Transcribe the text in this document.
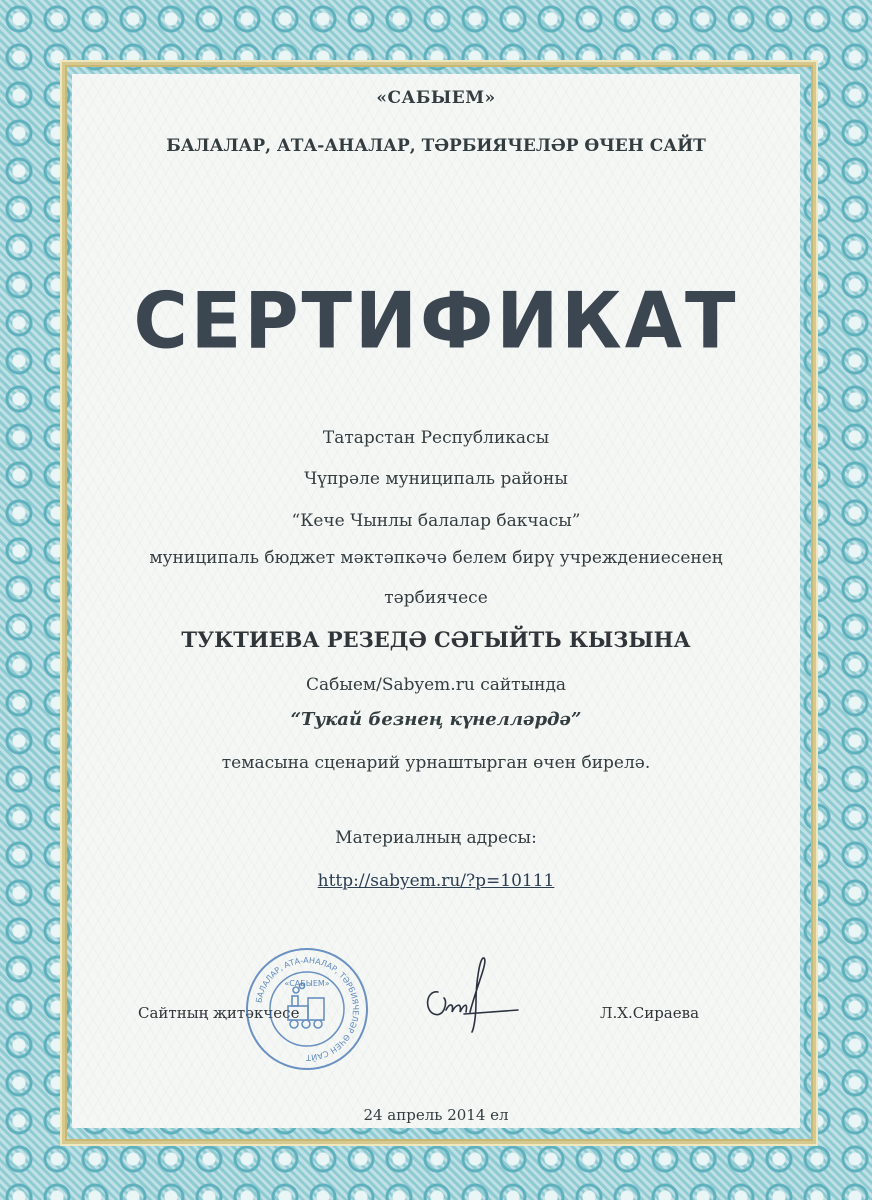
«САБЫЕМ»
БАЛАЛАР, АТА-АНАЛАР, ТӘРБИЯЧЕЛӘР ӨЧЕН САЙТ
СЕРТИФИКАТ
Татарстан Республикасы
Чүпрәле муниципаль районы
“Кече Чынлы балалар бакчасы”
муниципаль бюджет мәктәпкәчә белем бирү учреждениесенең
тәрбиячесе
ТУКТИЕВА РЕЗЕДӘ СӘГЫЙТЬ КЫЗЫНА
Сабыем/Sabyem.ru сайтында
“Тукай безнең күнелләрдә”
темасына сценарий урнаштырган өчен бирелә.
Материалның адресы:
http://sabyem.ru/?p=10111
Сайтның җитәкчесе	Л.Х.Сираева
БАЛАЛАР, АТА-АНАЛАР, ТӘРБИЯЧЕЛӘР ӨЧЕН САЙТ
«САБЫЕМ»
24 апрель 2014 ел
